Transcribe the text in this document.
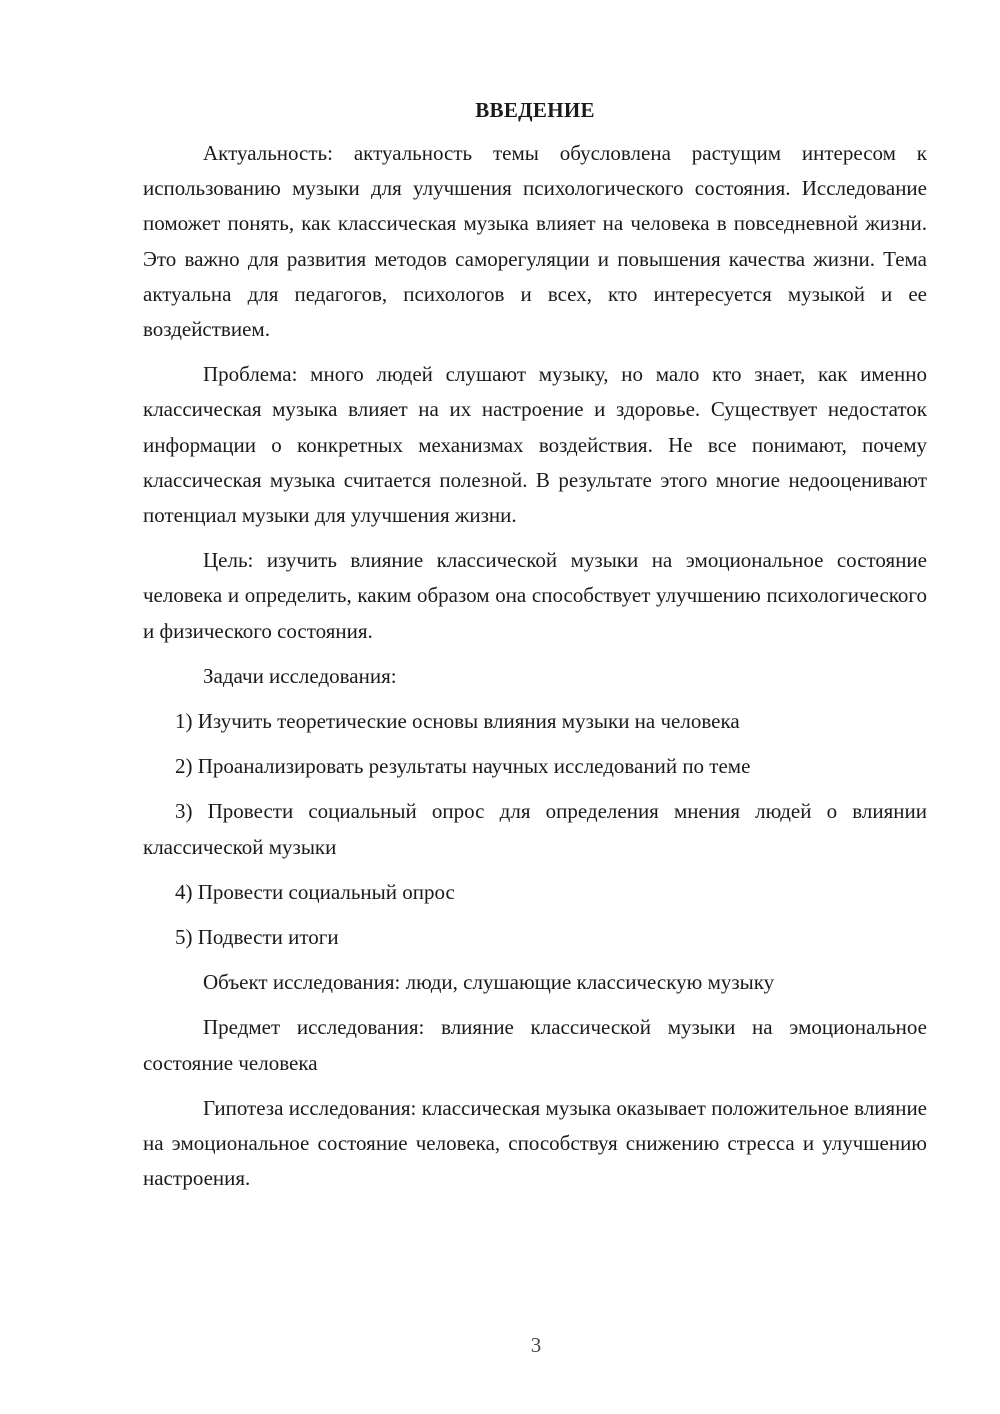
ВВЕДЕНИЕ

Актуальность: актуальность темы обусловлена растущим интересом к использованию музыки для улучшения психологического состояния. Исследование поможет понять, как классическая музыка влияет на человека в повседневной жизни. Это важно для развития методов саморегуляции и повышения качества жизни. Тема актуальна для педагогов, психологов и всех, кто интересуется музыкой и ее воздействием.

Проблема: много людей слушают музыку, но мало кто знает, как именно классическая музыка влияет на их настроение и здоровье. Существует недостаток информации о конкретных механизмах воздействия. Не все понимают, почему классическая музыка считается полезной. В результате этого многие недооценивают потенциал музыки для улучшения жизни.

Цель: изучить влияние классической музыки на эмоциональное состояние человека и определить, каким образом она способствует улучшению психологического и физического состояния.

Задачи исследования:

1) Изучить теоретические основы влияния музыки на человека

2) Проанализировать результаты научных исследований по теме

3) Провести социальный опрос для определения мнения людей о влиянии классической музыки

4) Провести социальный опрос

5) Подвести итоги

Объект исследования: люди, слушающие классическую музыку

Предмет исследования: влияние классической музыки на эмоциональное состояние человека

Гипотеза исследования: классическая музыка оказывает положительное влияние на эмоциональное состояние человека, способствуя снижению стресса и улучшению настроения.

3
